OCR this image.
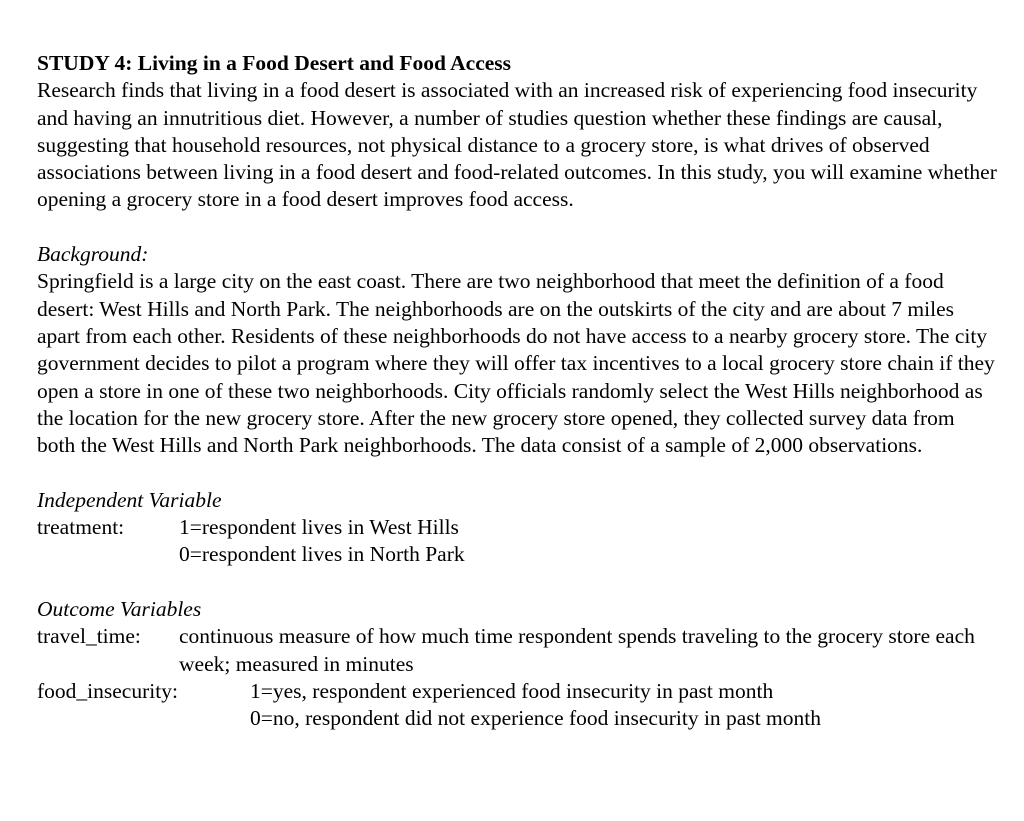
STUDY 4: Living in a Food Desert and Food Access

Research finds that living in a food desert is associated with an increased risk of experiencing food insecurity and having an innutritious diet. However, a number of studies question whether these findings are causal, suggesting that household resources, not physical distance to a grocery store, is what drives of observed associations between living in a food desert and food-related outcomes. In this study, you will examine whether opening a grocery store in a food desert improves food access.

Background:

Springfield is a large city on the east coast. There are two neighborhood that meet the definition of a food desert: West Hills and North Park. The neighborhoods are on the outskirts of the city and are about 7 miles apart from each other. Residents of these neighborhoods do not have access to a nearby grocery store. The city government decides to pilot a program where they will offer tax incentives to a local grocery store chain if they open a store in one of these two neighborhoods. City officials randomly select the West Hills neighborhood as the location for the new grocery store. After the new grocery store opened, they collected survey data from both the West Hills and North Park neighborhoods. The data consist of a sample of 2,000 observations.

Independent Variable
treatment:	1=respondent lives in West Hills
0=respondent lives in North Park
Outcome Variables
travel_time: continuous measure of how much time respondent spends traveling to the grocery store each week; measured in minutes
food_insecurity:	1=yes, respondent experienced food insecurity in past month
0=no, respondent did not experience food insecurity in past month
